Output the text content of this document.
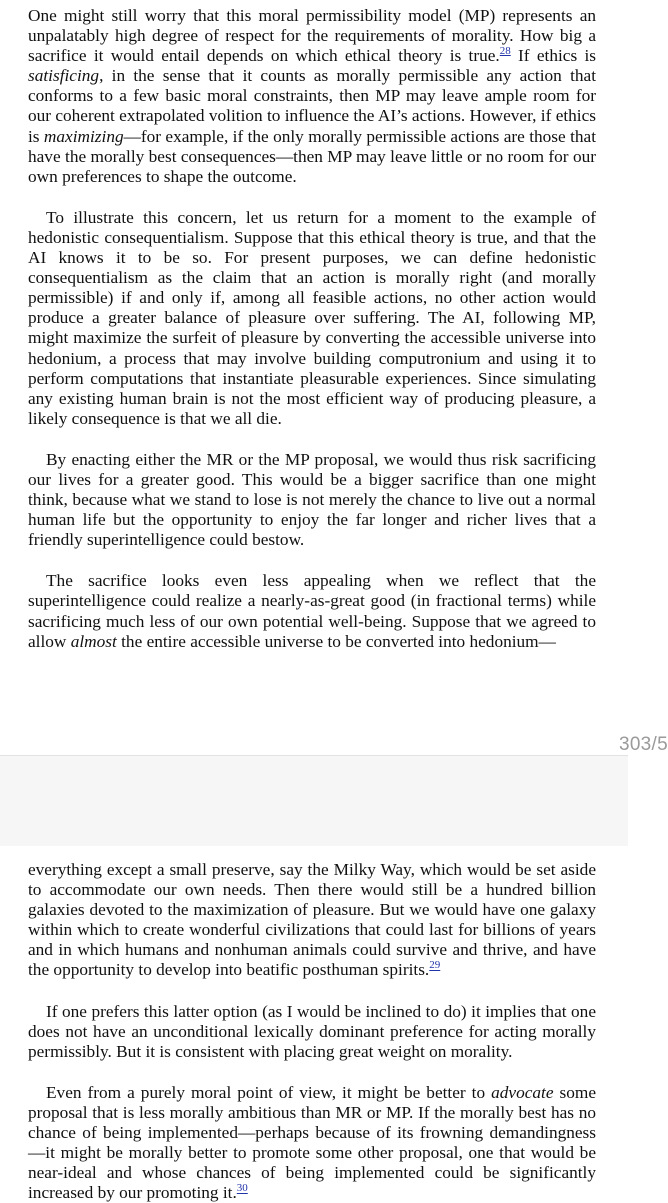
One might still worry that this moral permissibility model (MP) represents an unpalatably high degree of respect for the requirements of morality. How big a sacrifice it would entail depends on which ethical theory is true.$^{28}$ If ethics is satisficing, in the sense that it counts as morally permissible any action that conforms to a few basic moral constraints, then MP may leave ample room for our coherent extrapolated volition to influence the AI’s actions. However, if ethics is maximizing—for example, if the only morally permissible actions are those that have the morally best consequences—then MP may leave little or no room for our own preferences to shape the outcome.

To illustrate this concern, let us return for a moment to the example of hedonistic consequentialism. Suppose that this ethical theory is true, and that the AI knows it to be so. For present purposes, we can define hedonistic consequentialism as the claim that an action is morally right (and morally permissible) if and only if, among all feasible actions, no other action would produce a greater balance of pleasure over suffering. The AI, following MP, might maximize the surfeit of pleasure by converting the accessible universe into hedonium, a process that may involve building computronium and using it to perform computations that instantiate pleasurable experiences. Since simulating any existing human brain is not the most efficient way of producing pleasure, a likely consequence is that we all die.

By enacting either the MR or the MP proposal, we would thus risk sacrificing our lives for a greater good. This would be a bigger sacrifice than one might think, because what we stand to lose is not merely the chance to live out a normal human life but the opportunity to enjoy the far longer and richer lives that a friendly superintelligence could bestow.

The sacrifice looks even less appealing when we reflect that the superintelligence could realize a nearly-as-great good (in fractional terms) while sacrificing much less of our own potential well-being. Suppose that we agreed to allow almost the entire accessible universe to be converted into hedonium—

303/5

everything except a small preserve, say the Milky Way, which would be set aside to accommodate our own needs. Then there would still be a hundred billion galaxies devoted to the maximization of pleasure. But we would have one galaxy within which to create wonderful civilizations that could last for billions of years and in which humans and nonhuman animals could survive and thrive, and have the opportunity to develop into beatific posthuman spirits.$^{29}$

If one prefers this latter option (as I would be inclined to do) it implies that one does not have an unconditional lexically dominant preference for acting morally permissibly. But it is consistent with placing great weight on morality.

Even from a purely moral point of view, it might be better to advocate some proposal that is less morally ambitious than MR or MP. If the morally best has no chance of being implemented—perhaps because of its frowning demandingness—it might be morally better to promote some other proposal, one that would be near-ideal and whose chances of being implemented could be significantly increased by our promoting it.$^{30}$
